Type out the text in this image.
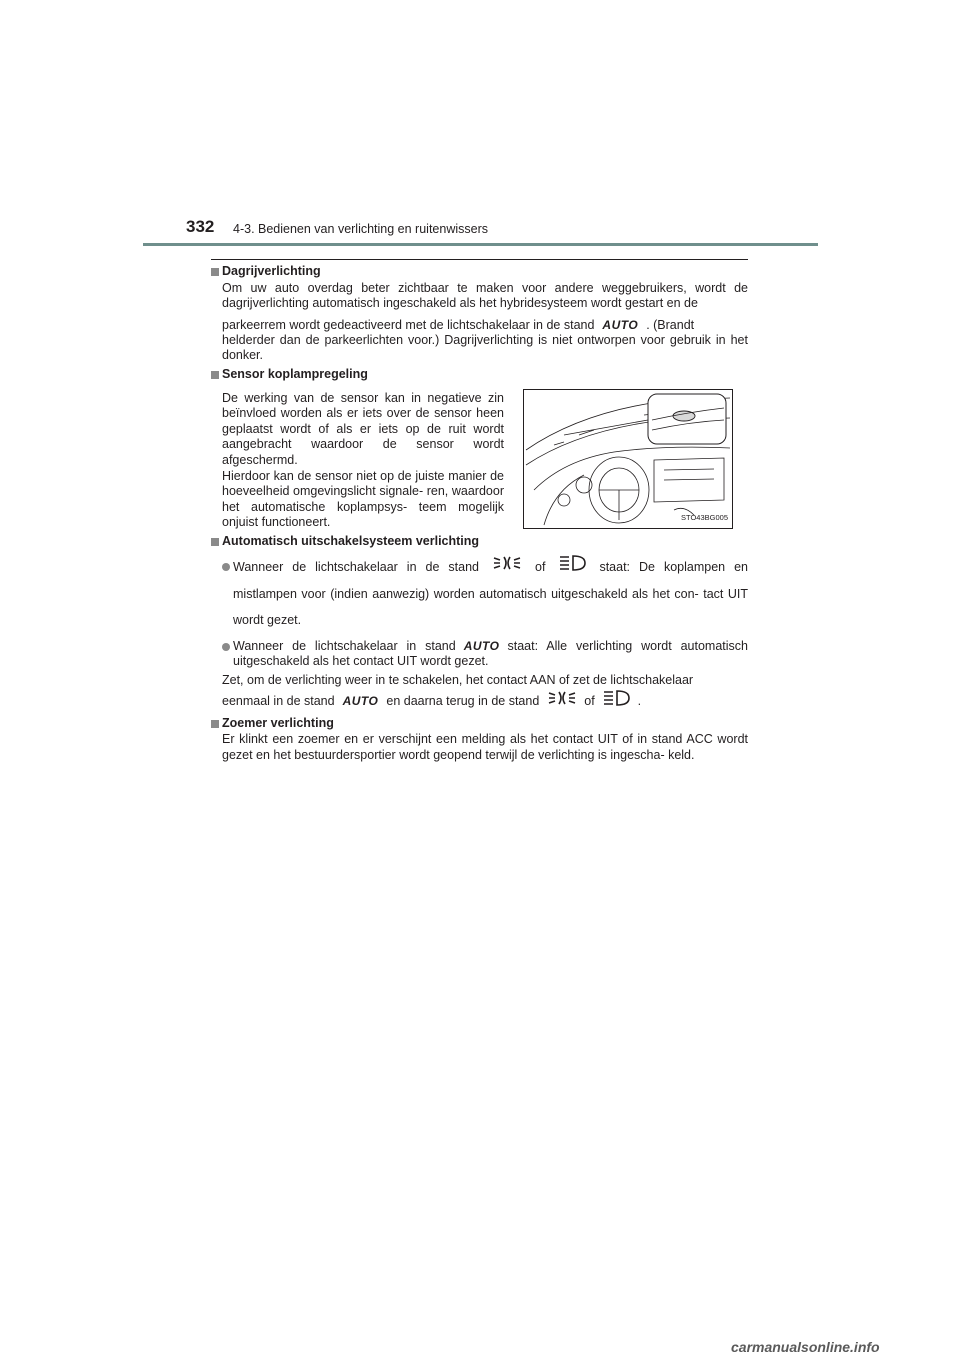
332 4-3. Bedienen van verlichting en ruitenwissers
Dagrijverlichting
Om uw auto overdag beter zichtbaar te maken voor andere weggebruikers, wordt de dagrijverlichting automatisch ingeschakeld als het hybridesysteem wordt gestart en de
parkeerrem wordt gedeactiveerd met de lichtschakelaar in de stand AUTO . (Brandt
helderder dan de parkeerlichten voor.) Dagrijverlichting is niet ontworpen voor gebruik in het donker.
Sensor koplampregeling
De werking van de sensor kan in negatieve zin beïnvloed worden als er iets over de sensor heen geplaatst wordt of als er iets op de ruit wordt aangebracht waardoor de sensor wordt afgeschermd.
Hierdoor kan de sensor niet op de juiste manier de hoeveelheid omgevingslicht signale- ren, waardoor het automatische koplampsys- teem mogelijk onjuist functioneert.	STO43BG005
Automatisch uitschakelsysteem verlichting
Wanneer de lichtschakelaar in de stand	of	staat: De koplampen en mistlampen voor (indien aanwezig) worden automatisch uitgeschakeld als het con- tact UIT wordt gezet.
Wanneer de lichtschakelaar in stand AUTO staat: Alle verlichting wordt automatisch uitgeschakeld als het contact UIT wordt gezet.
Zet, om de verlichting weer in te schakelen, het contact AAN of zet de lichtschakelaar
eenmaal in de stand AUTO en daarna terug in de stand	of	.
Zoemer verlichting
Er klinkt een zoemer en er verschijnt een melding als het contact UIT of in stand ACC wordt gezet en het bestuurdersportier wordt geopend terwijl de verlichting is ingescha- keld.
carmanualsonline.info
